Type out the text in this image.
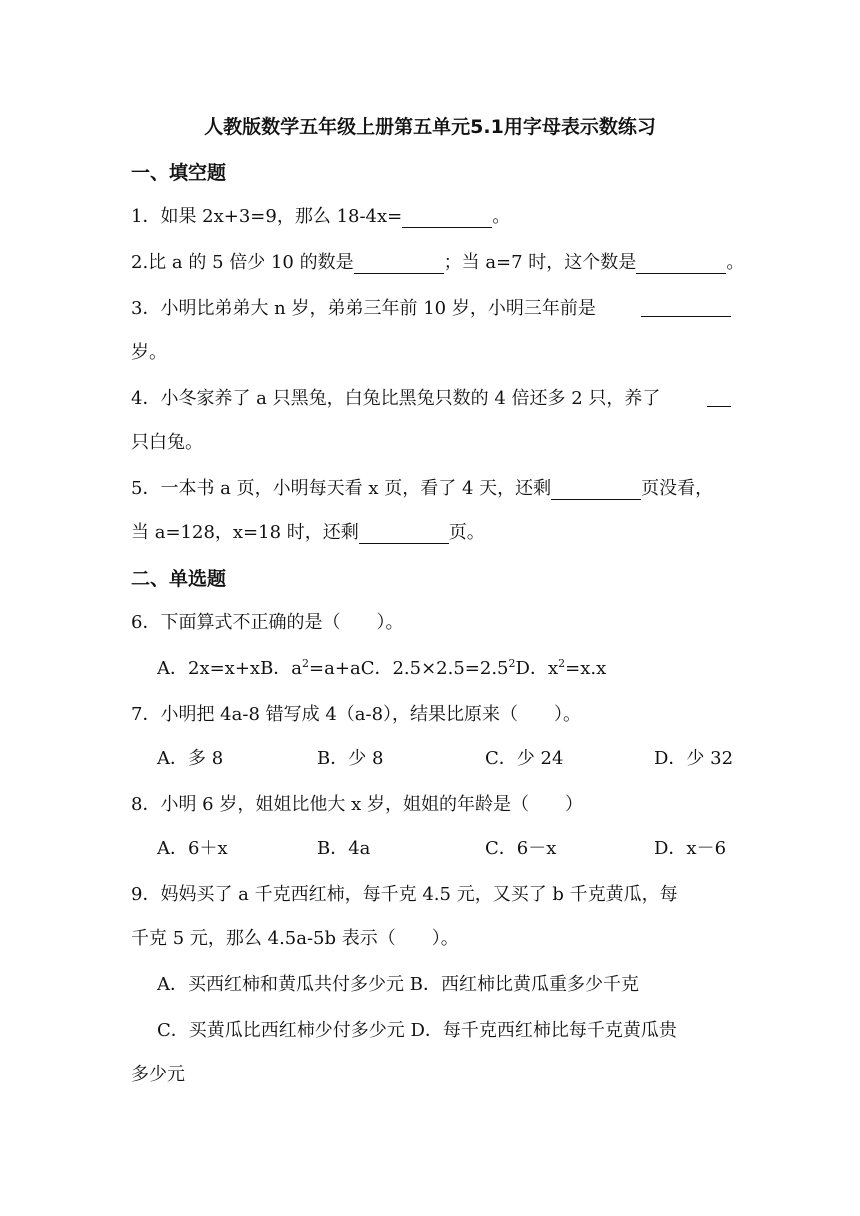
人教版数学五年级上册第五单元5.1用字母表示数练习
一、填空题
1．如果 2x+3=9，那么 18-4x=	。
2.比 a 的 5 倍少 10 的数是	；当 a=7 时，这个数是	。
3．小明比弟弟大 n 岁，弟弟三年前 10 岁，小明三年前是
岁。
4．小冬家养了 a 只黑兔，白兔比黑兔只数的 4 倍还多 2 只，养了
只白兔。
5．一本书 a 页，小明每天看 x 页，看了 4 天，还剩	页没看，
当 a=128，x=18 时，还剩	页。
二、单选题
6．下面算式不正确的是（　　）。
A．2x=x+xB．$a^2=a+aC$．$2.5\times 2.5=2.5^2D$．$x^2=x.x$
7．小明把 4a-8 错写成 4（a-8），结果比原来（　　）。
A．多 8	B．少 8	C．少 24	D．少 32
8．小明 6 岁，姐姐比他大 x 岁，姐姐的年龄是（　　）
A．6＋x	B．4a	C．6－x	D．x－6
9．妈妈买了 a 千克西红柿，每千克 4.5 元，又买了 b 千克黄瓜，每
千克 5 元，那么 4.5a-5b 表示（　　）。
A．买西红柿和黄瓜共付多少元 B．西红柿比黄瓜重多少千克
C．买黄瓜比西红柿少付多少元 D．每千克西红柿比每千克黄瓜贵
多少元
